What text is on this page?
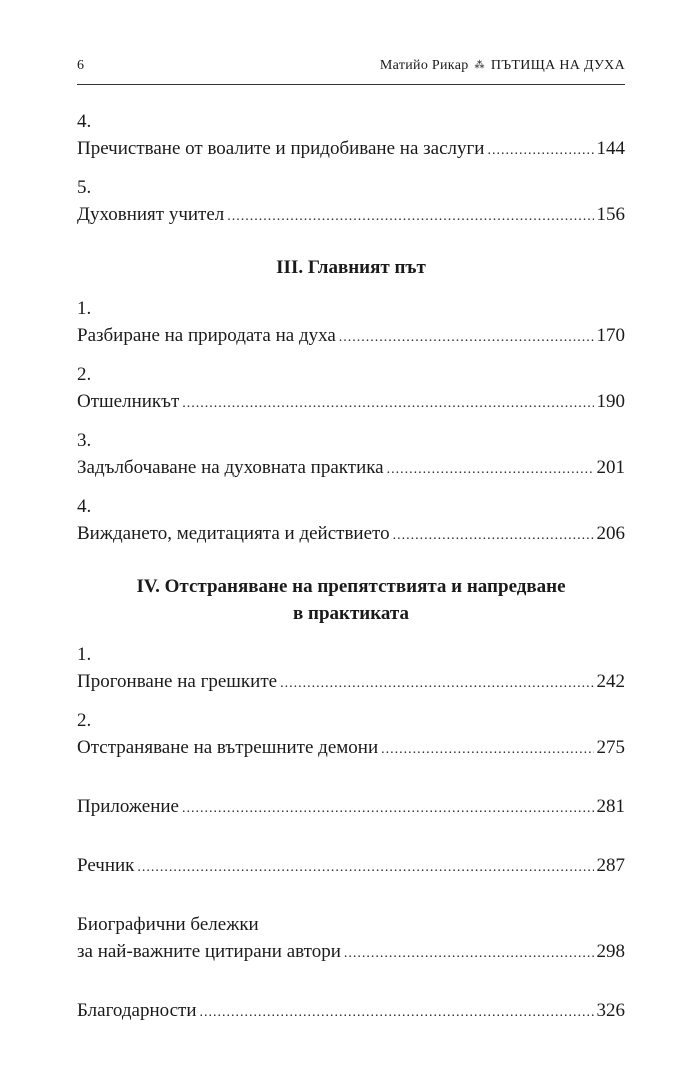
6	Матийо Рикар ⁂ ПЪТИЩА НА ДУХА
4.
Пречистване от воалите и придобиване на заслуги .....	144
5.
Духовният учител .....	156
III. Главният път
1.
Разбиране на природата на духа .....	170
2.
Отшелникът .....	190
3.
Задълбочаване на духовната практика .....	201
4.
Виждането, медитацията и действието .....	206
IV. Отстраняване на препятствията и напредване
в практиката
1.
Прогонване на грешките .....	242
2.
Отстраняване на вътрешните демони .....	275
Приложение .....	281
Речник .....	287
Биографични бележки
за най-важните цитирани автори .....	298
Благодарности .....	326
